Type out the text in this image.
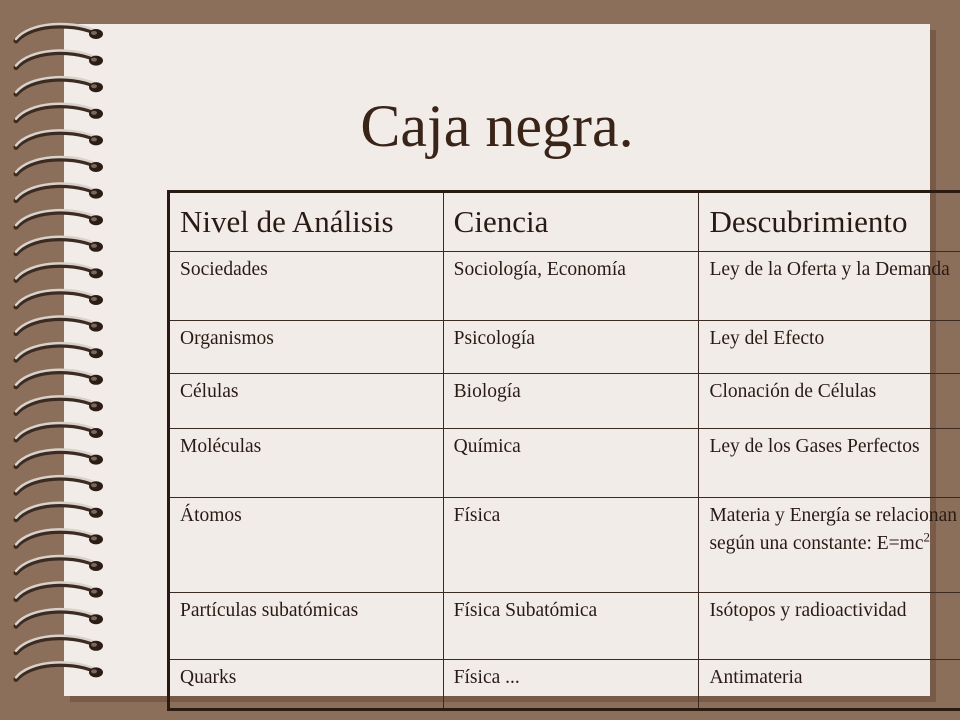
Caja negra.
Nivel de Análisis	Ciencia	Descubrimiento
Sociedades	Sociología, Economía	Ley de la Oferta y la Demanda
Organismos	Psicología	Ley del Efecto
Células	Biología	Clonación de Células
Moléculas	Química	Ley de los Gases Perfectos
Átomos	Física	Materia y Energía se relacionan según una constante: $E=mc^2$
Partículas subatómicas	Física Subatómica	Isótopos y radioactividad
Quarks	Física ...	Antimateria
